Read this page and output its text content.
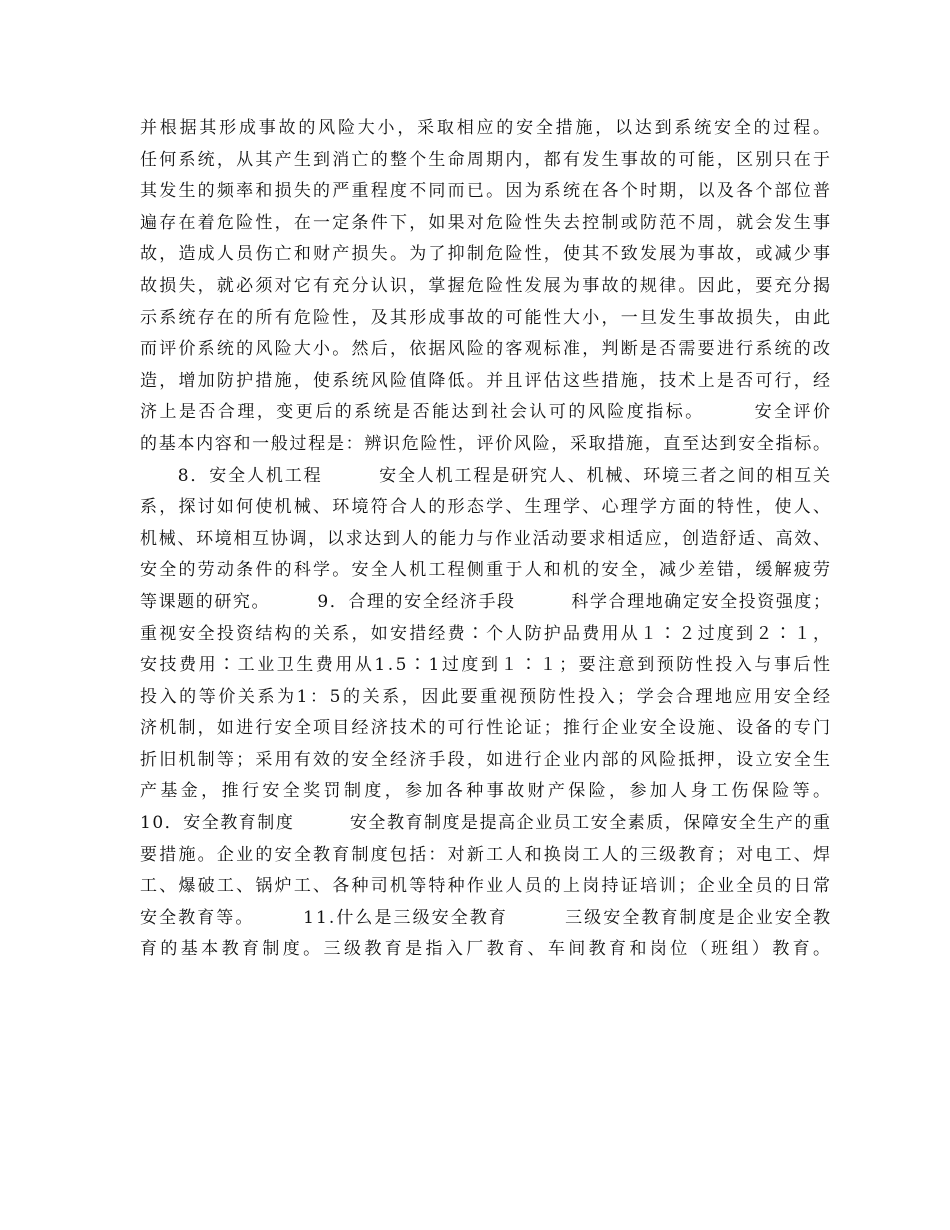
并根据其形成事故的风险大小，采取相应的安全措施，以达到系统安全的过程。
任何系统，从其产生到消亡的整个生命周期内，都有发生事故的可能，区别只在于
其发生的频率和损失的严重程度不同而已。因为系统在各个时期，以及各个部位普
遍存在着危险性，在一定条件下，如果对危险性失去控制或防范不周，就会发生事
故，造成人员伤亡和财产损失。为了抑制危险性，使其不致发展为事故，或减少事
故损失，就必须对它有充分认识，掌握危险性发展为事故的规律。因此，要充分揭
示系统存在的所有危险性，及其形成事故的可能性大小，一旦发生事故损失，由此
而评价系统的风险大小。然后，依据风险的客观标准，判断是否需要进行系统的改
造，增加防护措施，使系统风险值降低。并且评估这些措施，技术上是否可行，经
济上是否合理，变更后的系统是否能达到社会认可的风险度指标。　　　安全评价
的基本内容和一般过程是：辨识危险性，评价风险，采取措施，直至达到安全指标。
　　8．安全人机工程　　　安全人机工程是研究人、机械、环境三者之间的相互关
系，探讨如何使机械、环境符合人的形态学、生理学、心理学方面的特性，使人、
机械、环境相互协调，以求达到人的能力与作业活动要求相适应，创造舒适、高效、
安全的劳动条件的科学。安全人机工程侧重于人和机的安全，减少差错，缓解疲劳
等课题的研究。　　　9．合理的安全经济手段　　　科学合理地确定安全投资强度；
重视安全投资结构的关系，如安措经费∶个人防护品费用从１∶２过度到２∶１，
安技费用∶工业卫生费用从1.5∶1过度到１∶１；要注意到预防性投入与事后性
投入的等价关系为1：5的关系，因此要重视预防性投入；学会合理地应用安全经
济机制，如进行安全项目经济技术的可行性论证；推行企业安全设施、设备的专门
折旧机制等；采用有效的安全经济手段，如进行企业内部的风险抵押，设立安全生
产基金，推行安全奖罚制度，参加各种事故财产保险，参加人身工伤保险等。
10．安全教育制度　　　安全教育制度是提高企业员工安全素质，保障安全生产的重
要措施。企业的安全教育制度包括：对新工人和换岗工人的三级教育；对电工、焊
工、爆破工、锅炉工、各种司机等特种作业人员的上岗持证培训；企业全员的日常
安全教育等。　　　11.什么是三级安全教育　　　三级安全教育制度是企业安全教
育的基本教育制度。三级教育是指入厂教育、车间教育和岗位（班组）教育。
